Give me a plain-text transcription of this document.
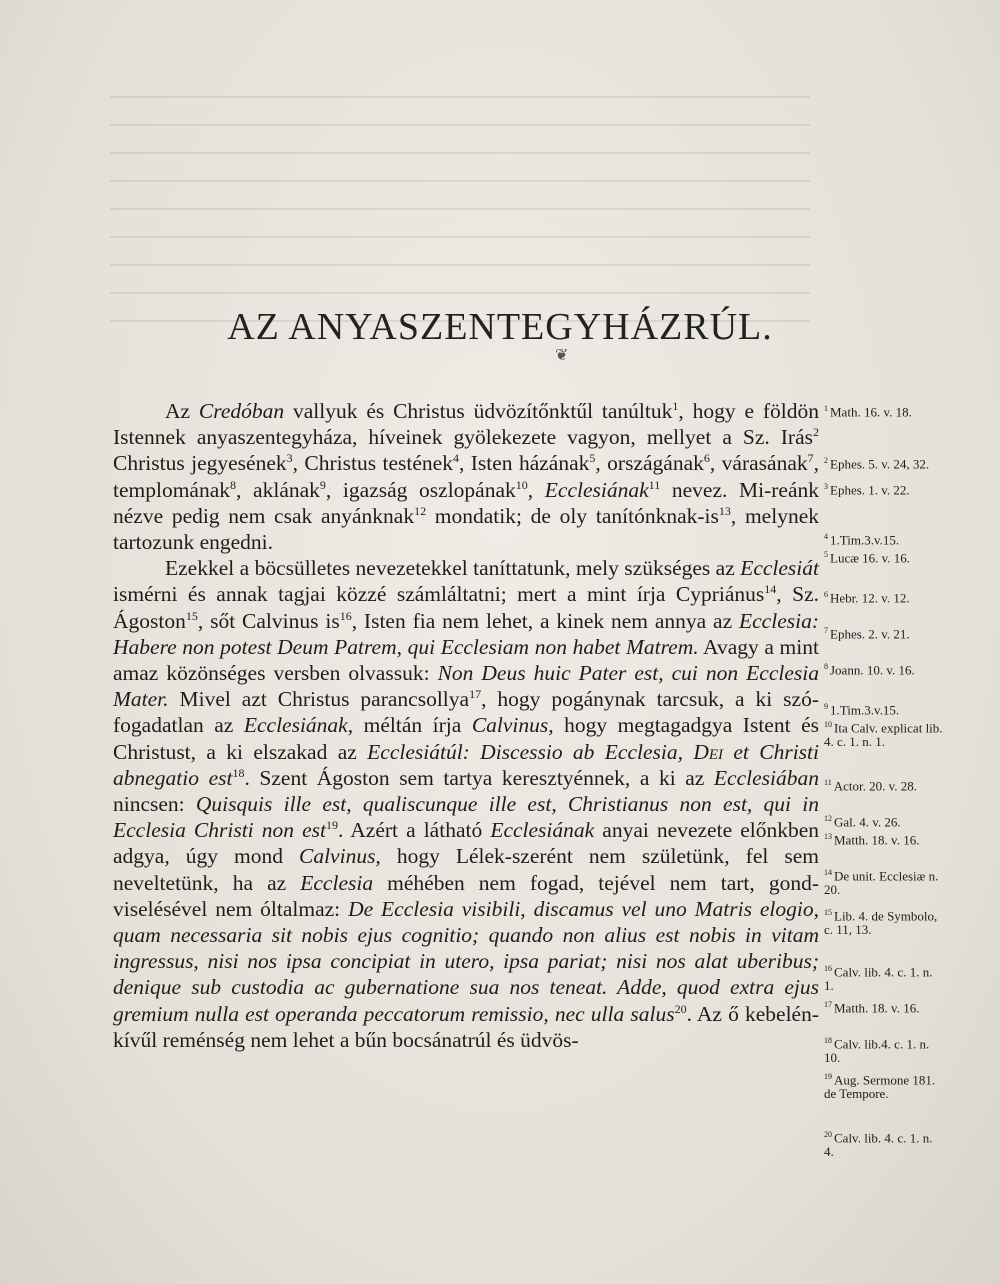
AZ ANYASZENTEGYHÁZRÚL.
❦

Az Credóban vallyuk és Christus üdvözítőnktűl tanúltuk$^1$, hogy e földön Istennek anyaszentegyháza, híveinek gyölekezete vagyon, mellyet a Sz. Irás$^2$ Christus jegyesének$^3$, Christus testének$^4$, Isten házának$^5$, országának$^6$, várasának$^7$, templomának$^8$, aklának$^9$, igazság oszlopának$^{10}$, Ecclesiának$^{11}$ nevez. Mi-reánk nézve pedig nem csak anyánknak$^{12}$ mondatik; de oly tanítónknak-$is^{13}$, melynek tartozunk engedni.

Ezekkel a böcsülletes nevezetekkel taníttatunk, mely szükséges az Ecclesiát ismérni és annak tagjai közzé számláltatni; mert a mint írja Cypriánus$^{14}$, Sz. Ágoston$^{15}$, sőt Calvinus $is^{16}$, Isten fia nem lehet, a kinek nem annya az Ecclesia: Habere non potest Deum Patrem, qui Ecclesiam non habet Matrem. Avagy a mint amaz közönséges versben olvassuk: Non Deus huic Pater est, cui non Ecclesia Mater. Mivel azt Christus parancsollya$^{17}$, hogy pogánynak tarcsuk, a ki szó-fogadatlan az Ecclesiának, méltán írja Calvinus, hogy megtagadgya Istent és Christust, a ki elszakad az Ecclesiátúl: Discessio ab Ecclesia, Dei et Christi abnegatio est$^{18}$. Szent Ágoston sem tartya keresztyénnek, a ki az Ecclesiában nincsen: Quisquis ille est, qualiscunque ille est, Christianus non est, qui in Ecclesia Christi non est$^{19}$. Azért a látható Ecclesiának anyai nevezete előnkben adgya, úgy mond Calvinus, hogy Lélek-szerént nem születünk, fel sem neveltetünk, ha az Ecclesia méhében nem fogad, tejével nem tart, gond-viselésével nem óltalmaz: De Ecclesia visibili, discamus vel uno Matris elogio, quam necessaria sit nobis ejus cognitio; quando non alius est nobis in vitam ingressus, nisi nos ipsa concipiat in utero, ipsa pariat; nisi nos alat uberibus; denique sub custodia ac gubernatione sua nos teneat. Adde, quod extra ejus gremium nulla est operanda peccatorum remissio, nec ulla salus$^{20}$. Az ő kebelén-kívűl reménség nem lehet a bűn bocsánatrúl és üdvös-

$^1$ Math. 16. v. 18.
$^2$ Ephes. 5. v. 24, 32.
$^3$ Ephes. 1. v. 22.
$^4$ 1.Tim.3.v.15.
$^5$ Lucæ 16. v. 16.
$^6$ Hebr. 12. v. 12.
$^7$ Ephes. 2. v. 21.
$^8$ Joann. 10. v. 16.
$^9$ 1.Tim.3.v.15.
$^{10}$ Ita Calv. explicat lib. 4. c. 1. n. 1.
$^{11}$ Actor. 20. v. 28.
$^{12}$ Gal. 4. v. 26.
$^{13}$ Matth. 18. v. 16.
$^{14}$ De unit. Ecclesiæ n. 20.
$^{15}$ Lib. 4. de Symbolo, c. 11, 13.
$^{16}$ Calv. lib. 4. c. 1. n. 1.
$^{17}$ Matth. 18. v. 16.
$^{18}$ Calv. lib.4. c. 1. n. 10.
$^{19}$ Aug. Sermone 181. de Tempore.
$^{20}$ Calv. lib. 4. c. 1. n. 4.
